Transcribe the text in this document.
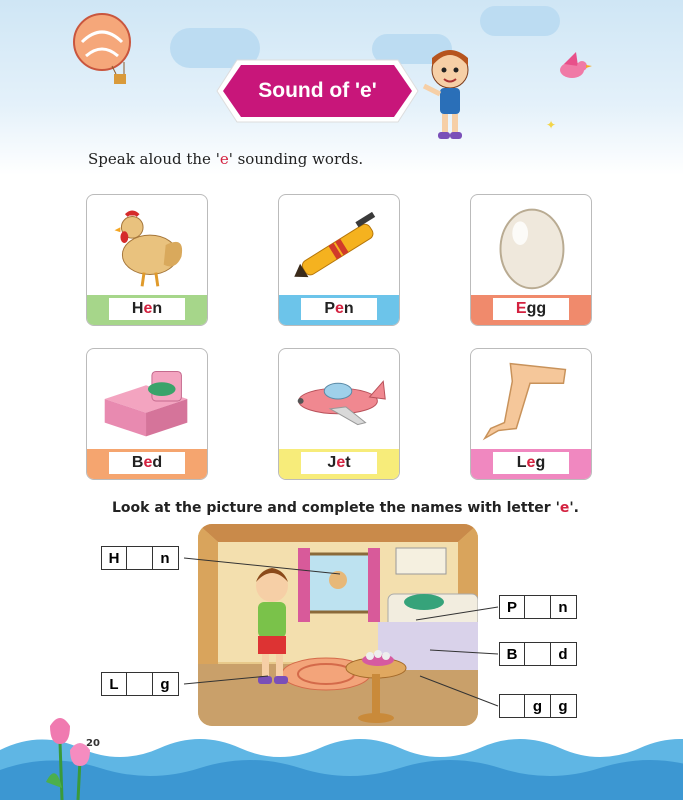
Sound of 'e'
✦
Speak aloud the 'e' sounding words.
H e n	P e n	E gg
B e d	J e t	L e g
Look at the picture and complete the names with letter 'e'.
H	n
L	g
P	n
B	d
g	g
20
